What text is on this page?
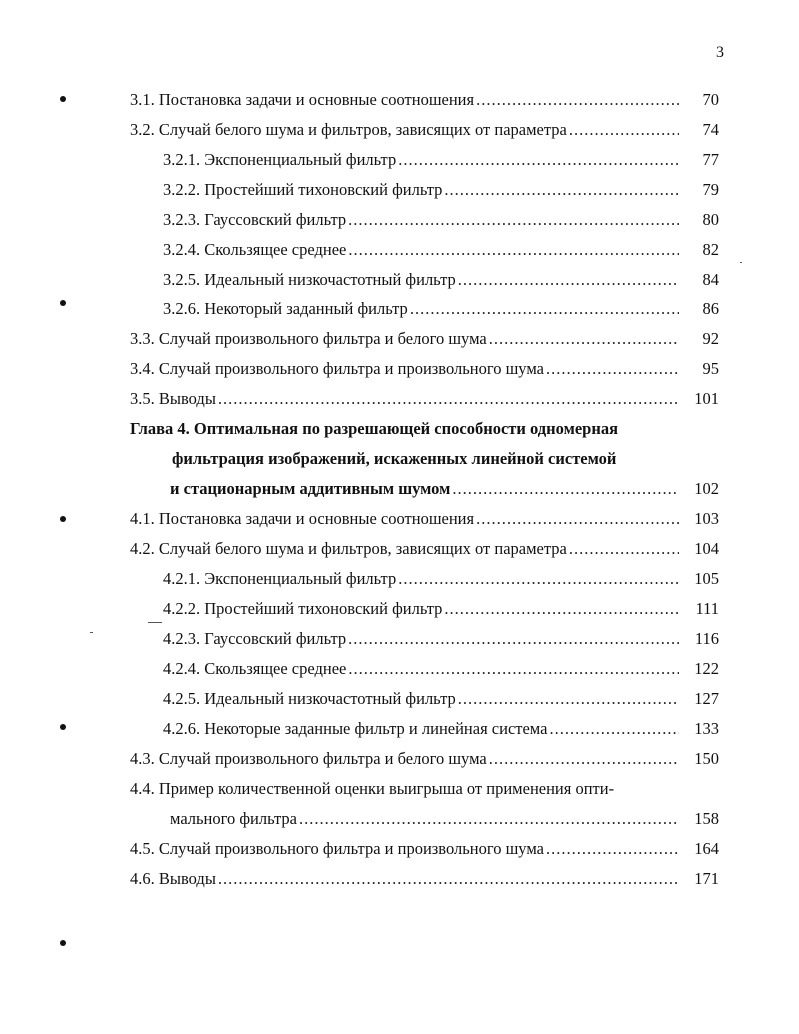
3
3.1. Постановка задачи и основные соотношения .....	70
3.2. Случай белого шума и фильтров, зависящих от параметра .....	74
3.2.1. Экспоненциальный фильтр .....	77
3.2.2. Простейший тихоновский фильтр .....	79
3.2.3. Гауссовский фильтр .....	80
3.2.4. Скользящее среднее .....	82
3.2.5. Идеальный низкочастотный фильтр .....	84
3.2.6. Некоторый заданный фильтр .....	86
3.3. Случай произвольного фильтра и белого шума .....	92
3.4. Случай произвольного фильтра и произвольного шума .....	95
3.5. Выводы .....	101
Глава 4. Оптимальная по разрешающей способности одномерная
фильтрация изображений, искаженных линейной системой
и стационарным аддитивным шумом .....	102
4.1. Постановка задачи и основные соотношения .....	103
4.2. Случай белого шума и фильтров, зависящих от параметра .....	104
4.2.1. Экспоненциальный фильтр .....	105
4.2.2. Простейший тихоновский фильтр .....	111
4.2.3. Гауссовский фильтр .....	116
4.2.4. Скользящее среднее .....	122
4.2.5. Идеальный низкочастотный фильтр .....	127
4.2.6. Некоторые заданные фильтр и линейная система .....	133
4.3. Случай произвольного фильтра и белого шума .....	150
4.4. Пример количественной оценки выигрыша от применения опти-
мального фильтра .....	158
4.5. Случай произвольного фильтра и произвольного шума .....	164
4.6. Выводы .....	171
